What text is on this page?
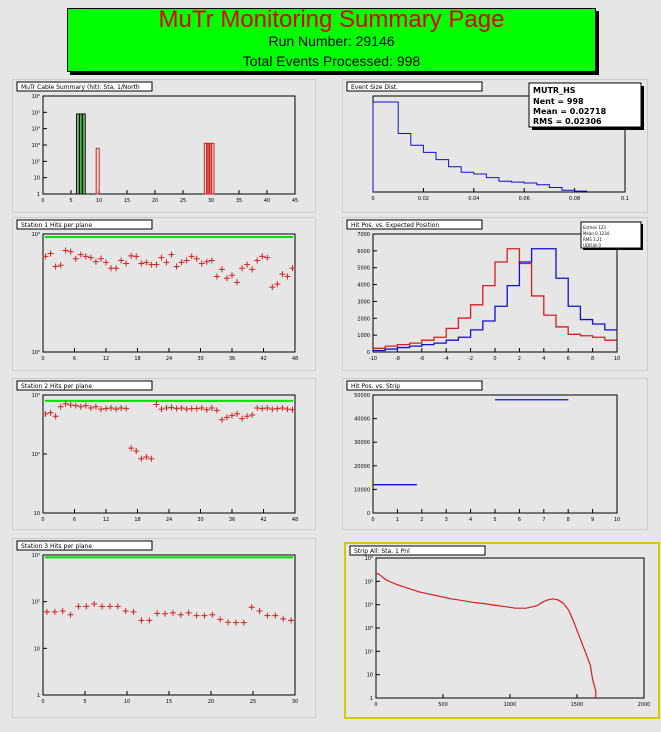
MuTr Monitoring Summary Page
Run Number: 29146
Total Events Processed: 998
MuTr Cable Summary (hit): Sta. 1/North
0	5	10	15	20	25	30	35	40	45
1
10
10²
10³
10⁴
10⁵
10⁶
Event Size Dist.
0	0.02	0.04	0.06	0.08	0.1
MUTR_HS
Nent = 998
Mean = 0.02718
RMS = 0.02306
Station 1 Hits per plane
0	6	12	18	24	30	36	42	48
10²
10³
Hit Pos. vs. Expected Position
-10	-8	-6	-4	-2	0	2	4	6	8	10
0
1000
2000
3000
4000
5000
6000
7000
Entries 123
Mean 0.1234
RMS 3.21
UDFLW 0
Station 2 Hits per plane
0	6	12	18	24	30	36	42	48
10
10²
10³
Hit Pos. vs. Strip
0	1	2	3	4	5	6	7	8	9	10
0
10000
20000
30000
40000
50000
Station 3 Hits per plane
0	5	10	15	20	25	30
1
10
10²
10³
Strip All: Sta. 1 Pnl
0	500	1000	1500	2000
1
10
10²
10³
10⁴
10⁵
10⁶
